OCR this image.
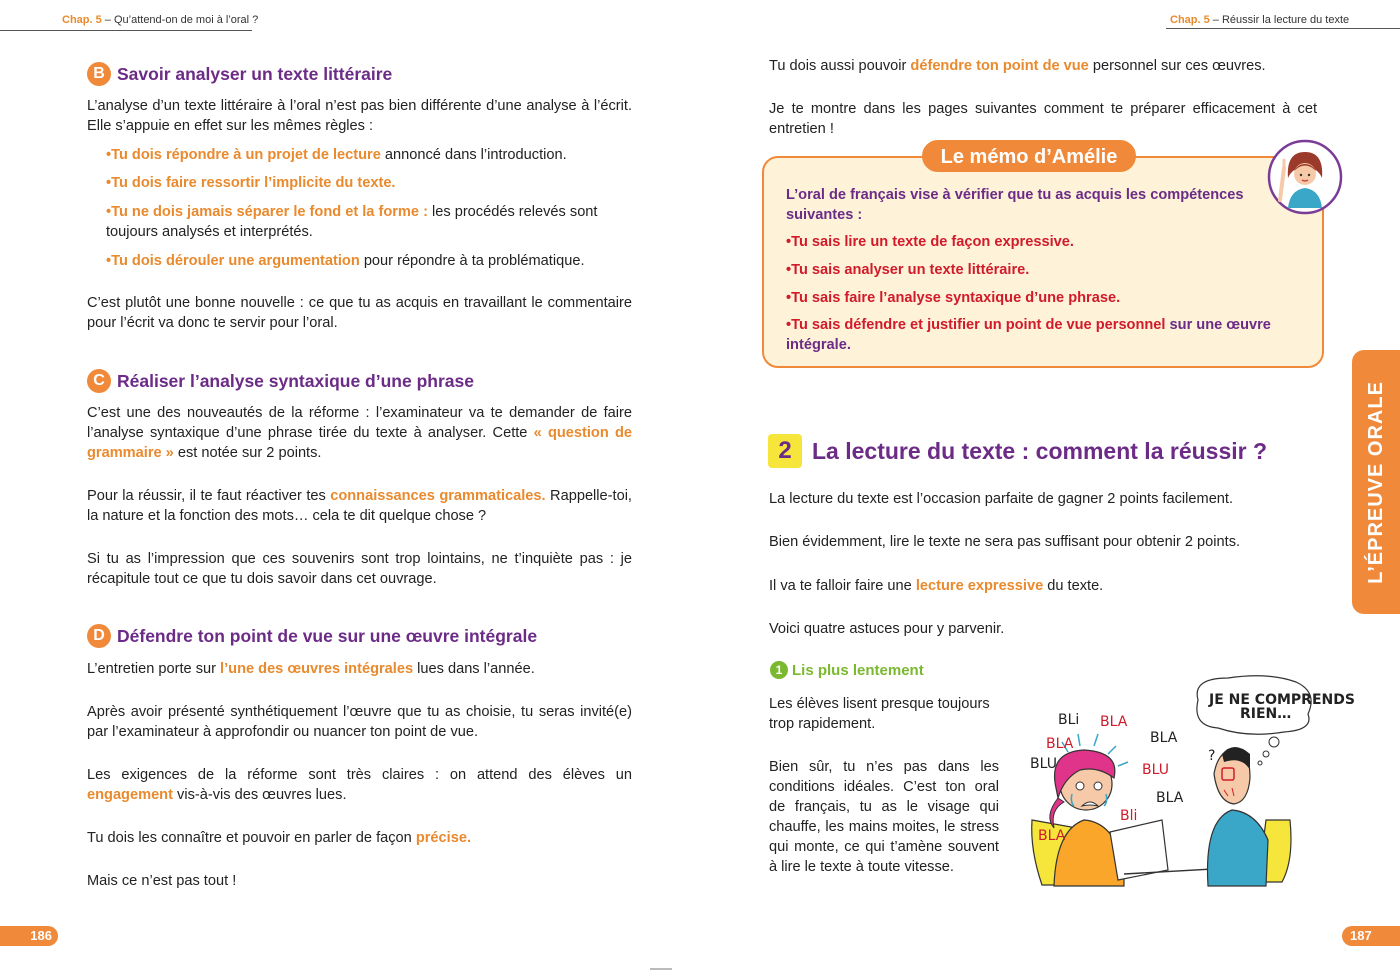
Chap. 5 – Qu’attend-on de moi à l’oral ?
B Savoir analyser un texte littéraire
L’analyse d’un texte littéraire à l’oral n’est pas bien différente d’une analyse à l’écrit. Elle s’appuie en effet sur les mêmes règles :
• Tu dois répondre à un projet de lecture annoncé dans l’introduction.
• Tu dois faire ressortir l’implicite du texte.
• Tu ne dois jamais séparer le fond et la forme : les procédés relevés sont toujours analysés et interprétés.
• Tu dois dérouler une argumentation pour répondre à ta problématique.
C’est plutôt une bonne nouvelle : ce que tu as acquis en travaillant le commentaire pour l’écrit va donc te servir pour l’oral.
C Réaliser l’analyse syntaxique d’une phrase
C’est une des nouveautés de la réforme : l’examinateur va te demander de faire l’analyse syntaxique d’une phrase tirée du texte à analyser. Cette « question de grammaire » est notée sur 2 points.
Pour la réussir, il te faut réactiver tes connaissances grammaticales. Rappelle-toi, la nature et la fonction des mots… cela te dit quelque chose ?
Si tu as l’impression que ces souvenirs sont trop lointains, ne t’inquiète pas : je récapitule tout ce que tu dois savoir dans cet ouvrage.
D Défendre ton point de vue sur une œuvre intégrale
L’entretien porte sur l’une des œuvres intégrales lues dans l’année.
Après avoir présenté synthétiquement l’œuvre que tu as choisie, tu seras invité(e) par l’examinateur à approfondir ou nuancer ton point de vue.
Les exigences de la réforme sont très claires : on attend des élèves un engagement vis-à-vis des œuvres lues.
Tu dois les connaître et pouvoir en parler de façon précise.
Mais ce n’est pas tout !
186
Chap. 5 – Réussir la lecture du texte
Tu dois aussi pouvoir défendre ton point de vue personnel sur ces œuvres.
Je te montre dans les pages suivantes comment te préparer efficacement à cet entretien !
Le mémo d’Amélie
L’oral de français vise à vérifier que tu as acquis les compétences suivantes :
• Tu sais lire un texte de façon expressive.
• Tu sais analyser un texte littéraire.
• Tu sais faire l’analyse syntaxique d’une phrase.
• Tu sais défendre et justifier un point de vue personnel sur une œuvre intégrale.
L’ÉPREUVE ORALE
2 La lecture du texte : comment la réussir ?
La lecture du texte est l’occasion parfaite de gagner 2 points facilement.
Bien évidemment, lire le texte ne sera pas suffisant pour obtenir 2 points.
Il va te falloir faire une lecture expressive du texte.
Voici quatre astuces pour y parvenir.
1 Lis plus lentement
Les élèves lisent presque toujours trop rapidement.
Bien sûr, tu n’es pas dans les conditions idéales. C’est ton oral de français, tu as le visage qui chauffe, les mains moites, le stress qui monte, ce qui t’amène souvent à lire le texte à toute vitesse.
JE NE COMPRENDS
RIEN…
BLi BLA
BLA	BLA
BLU	BLU
BLA
Bli
BLA
?
187
